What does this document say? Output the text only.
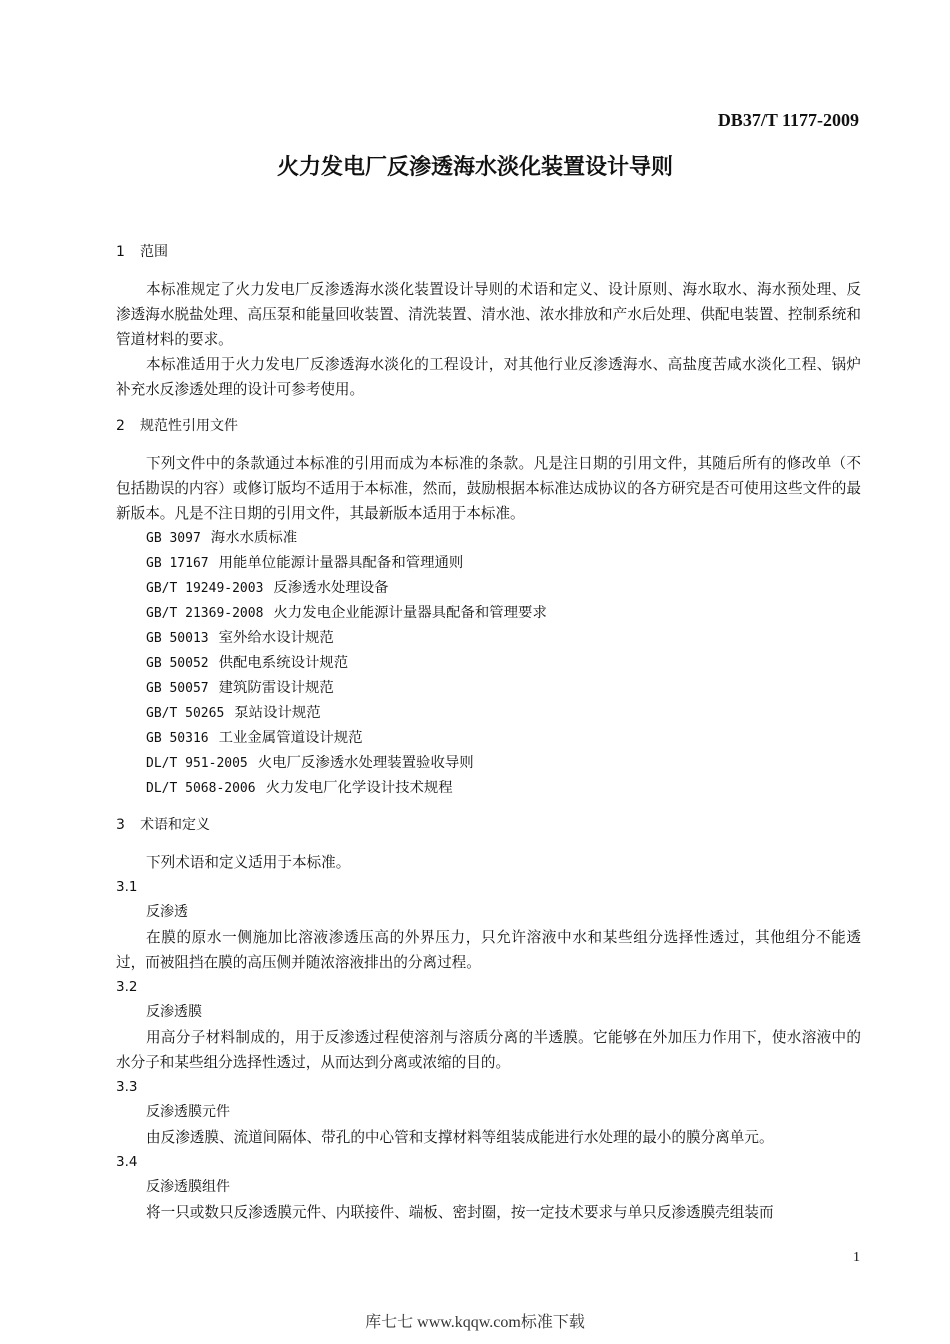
DB37/T 1177-2009
火力发电厂反渗透海水淡化装置设计导则
1 范围

本标准规定了火力发电厂反渗透海水淡化装置设计导则的术语和定义、设计原则、海水取水、海水预处理、反渗透海水脱盐处理、高压泵和能量回收装置、清洗装置、清水池、浓水排放和产水后处理、供配电装置、控制系统和管道材料的要求。

本标准适用于火力发电厂反渗透海水淡化的工程设计，对其他行业反渗透海水、高盐度苦咸水淡化工程、锅炉补充水反渗透处理的设计可参考使用。

2 规范性引用文件

下列文件中的条款通过本标准的引用而成为本标准的条款。凡是注日期的引用文件，其随后所有的修改单（不包括勘误的内容）或修订版均不适用于本标准，然而，鼓励根据本标准达成协议的各方研究是否可使用这些文件的最新版本。凡是不注日期的引用文件，其最新版本适用于本标准。

GB 3097 海水水质标准
GB 17167 用能单位能源计量器具配备和管理通则
GB/T 19249-2003 反渗透水处理设备
GB/T 21369-2008 火力发电企业能源计量器具配备和管理要求
GB 50013 室外给水设计规范
GB 50052 供配电系统设计规范
GB 50057 建筑防雷设计规范
GB/T 50265 泵站设计规范
GB 50316 工业金属管道设计规范
DL/T 951-2005 火电厂反渗透水处理装置验收导则
DL/T 5068-2006 火力发电厂化学设计技术规程
3 术语和定义

下列术语和定义适用于本标准。

3.1
反渗透

在膜的原水一侧施加比溶液渗透压高的外界压力，只允许溶液中水和某些组分选择性透过，其他组分不能透过，而被阻挡在膜的高压侧并随浓溶液排出的分离过程。

3.2
反渗透膜

用高分子材料制成的，用于反渗透过程使溶剂与溶质分离的半透膜。它能够在外加压力作用下，使水溶液中的水分子和某些组分选择性透过，从而达到分离或浓缩的目的。

3.3
反渗透膜元件

由反渗透膜、流道间隔体、带孔的中心管和支撑材料等组装成能进行水处理的最小的膜分离单元。

3.4
反渗透膜组件

将一只或数只反渗透膜元件、内联接件、端板、密封圈，按一定技术要求与单只反渗透膜壳组装而

1
库七七 www.kqqw.com标准下载
